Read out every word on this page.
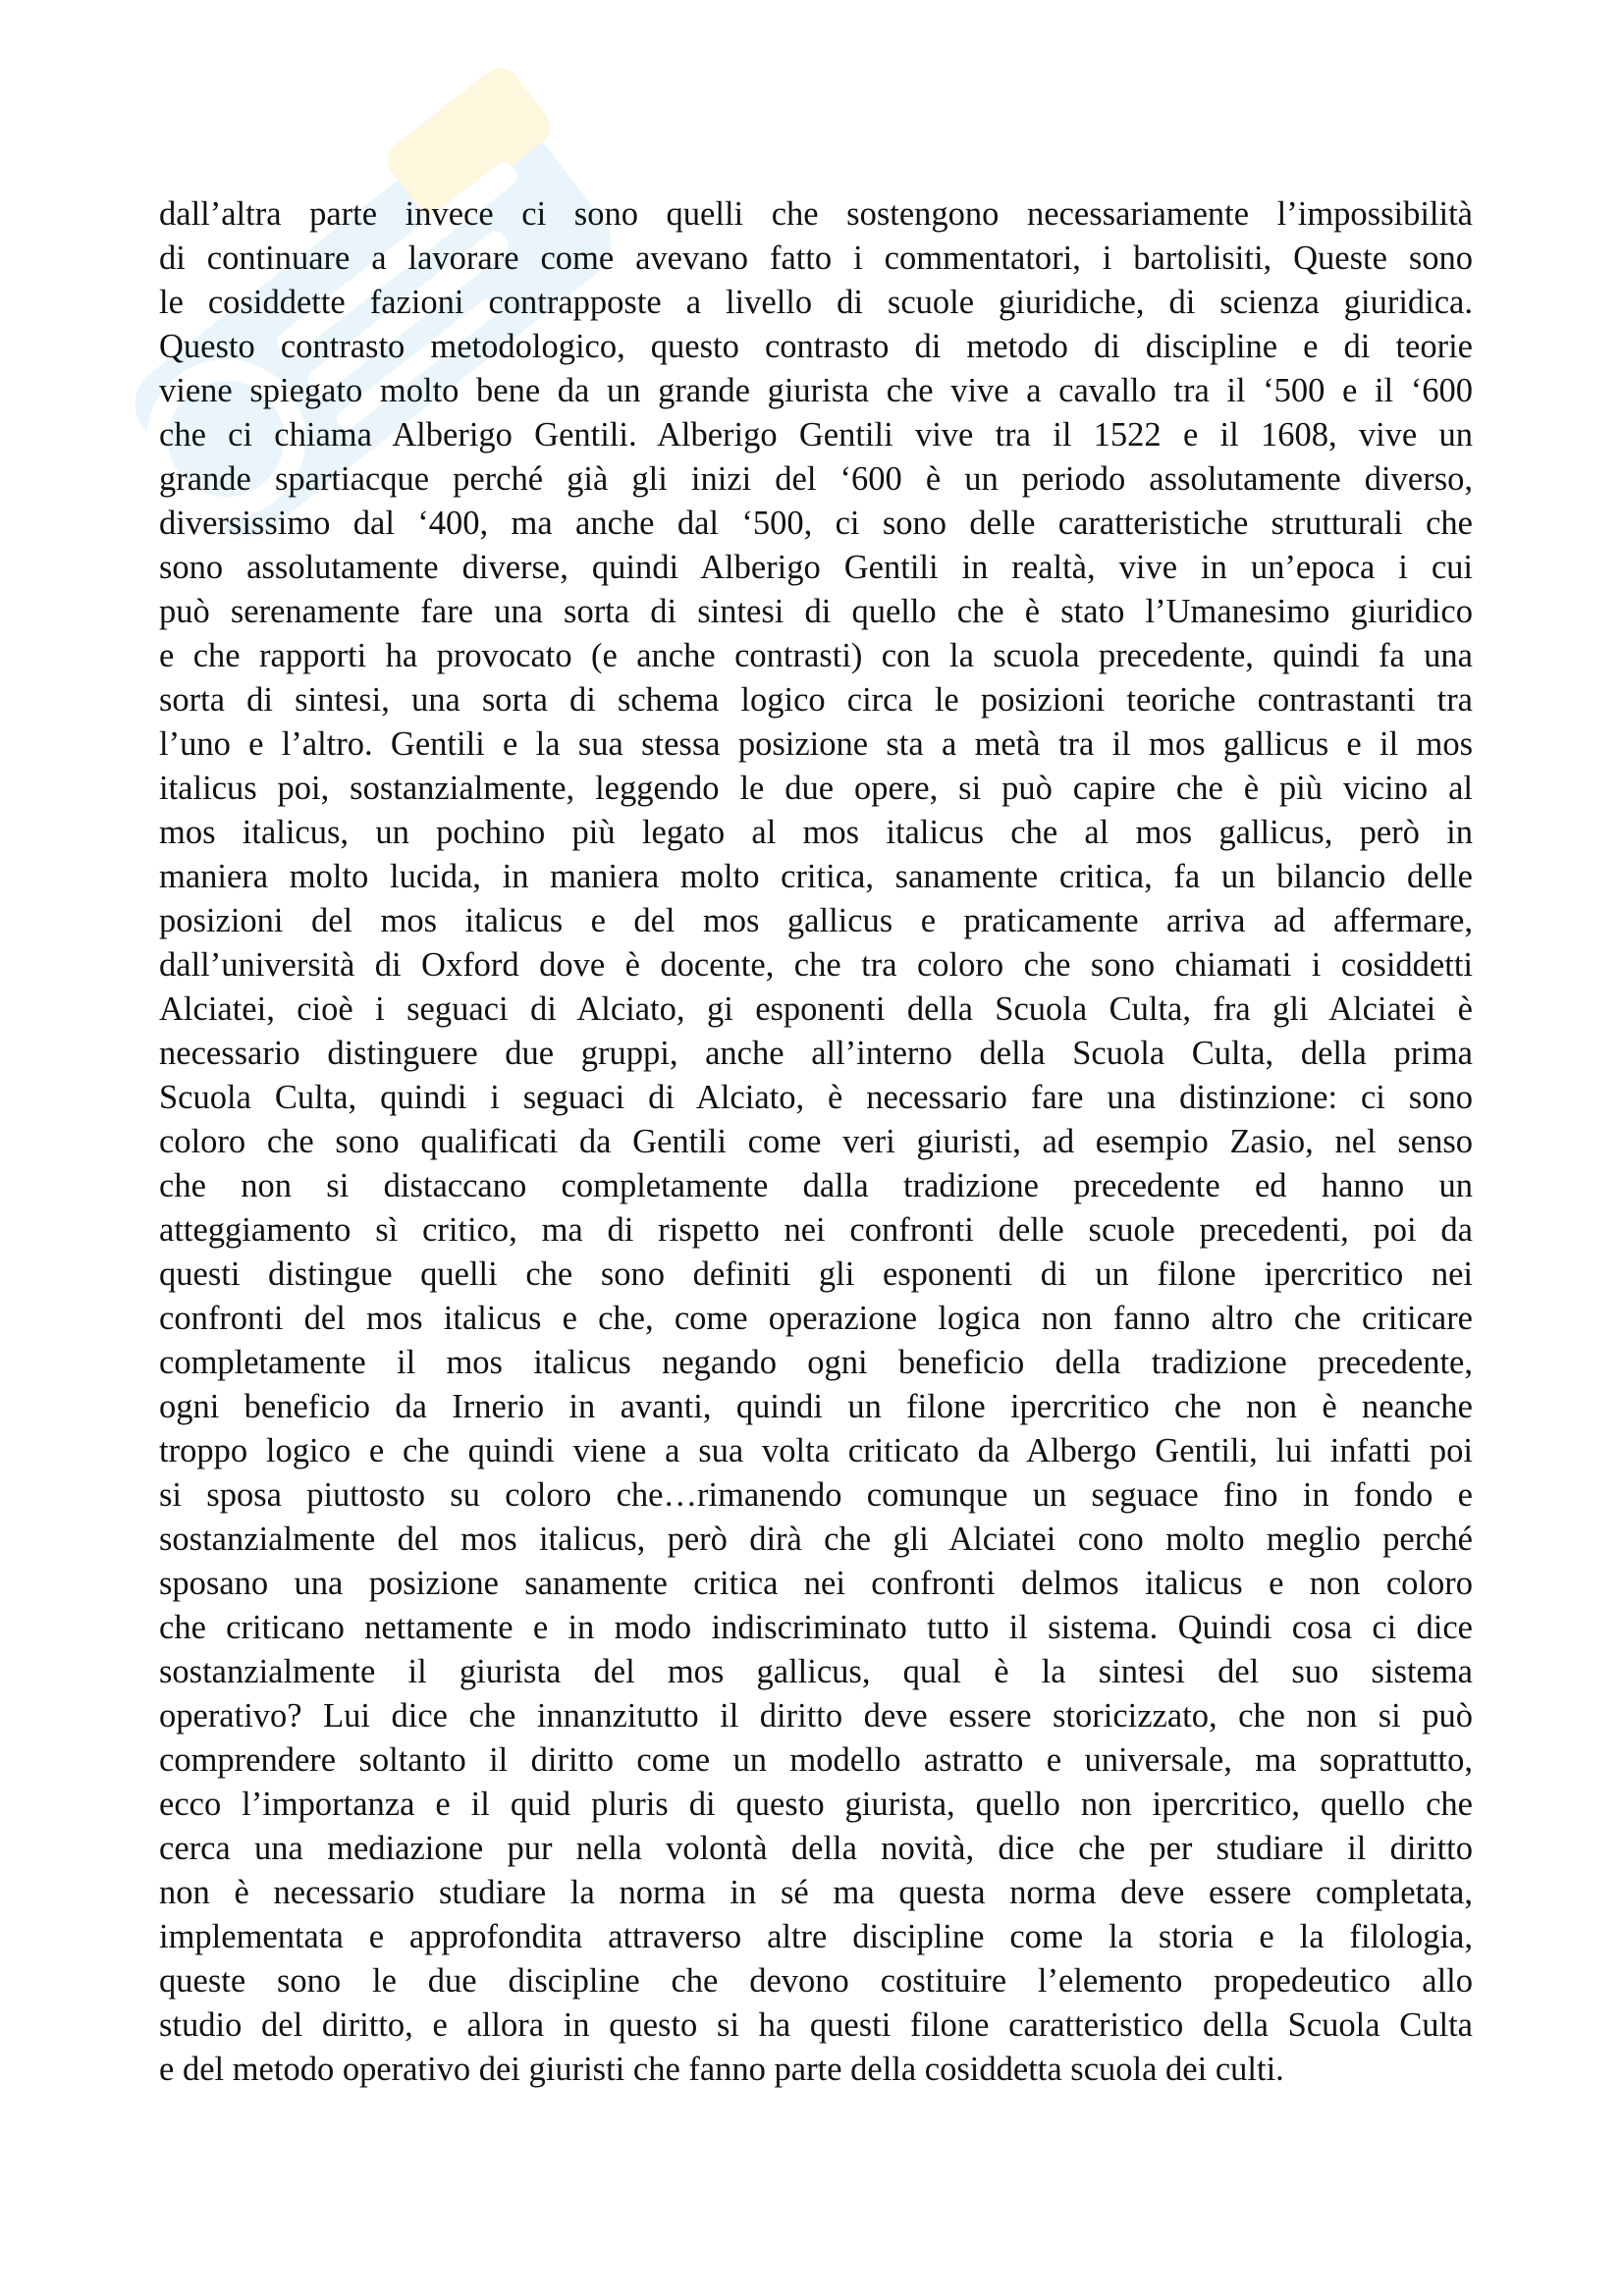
dall’altra parte invece ci sono quelli che sostengono necessariamente l’impossibilità
di continuare a lavorare come avevano fatto i commentatori, i bartolisiti, Queste sono
le cosiddette fazioni contrapposte a livello di scuole giuridiche, di scienza giuridica.
Questo contrasto metodologico, questo contrasto di metodo di discipline e di teorie
viene spiegato molto bene da un grande giurista che vive a cavallo tra il ‘500 e il ‘600
che ci chiama Alberigo Gentili. Alberigo Gentili vive tra il 1522 e il 1608, vive un
grande spartiacque perché già gli inizi del ‘600 è un periodo assolutamente diverso,
diversissimo dal ‘400, ma anche dal ‘500, ci sono delle caratteristiche strutturali che
sono assolutamente diverse, quindi Alberigo Gentili in realtà, vive in un’epoca i cui
può serenamente fare una sorta di sintesi di quello che è stato l’Umanesimo giuridico
e che rapporti ha provocato (e anche contrasti) con la scuola precedente, quindi fa una
sorta di sintesi, una sorta di schema logico circa le posizioni teoriche contrastanti tra
l’uno e l’altro. Gentili e la sua stessa posizione sta a metà tra il mos gallicus e il mos
italicus poi, sostanzialmente, leggendo le due opere, si può capire che è più vicino al
mos italicus, un pochino più legato al mos italicus che al mos gallicus, però in
maniera molto lucida, in maniera molto critica, sanamente critica, fa un bilancio delle
posizioni del mos italicus e del mos gallicus e praticamente arriva ad affermare,
dall’università di Oxford dove è docente, che tra coloro che sono chiamati i cosiddetti
Alciatei, cioè i seguaci di Alciato, gi esponenti della Scuola Culta, fra gli Alciatei è
necessario distinguere due gruppi, anche all’interno della Scuola Culta, della prima
Scuola Culta, quindi i seguaci di Alciato, è necessario fare una distinzione: ci sono
coloro che sono qualificati da Gentili come veri giuristi, ad esempio Zasio, nel senso
che non si distaccano completamente dalla tradizione precedente ed hanno un
atteggiamento sì critico, ma di rispetto nei confronti delle scuole precedenti, poi da
questi distingue quelli che sono definiti gli esponenti di un filone ipercritico nei
confronti del mos italicus e che, come operazione logica non fanno altro che criticare
completamente il mos italicus negando ogni beneficio della tradizione precedente,
ogni beneficio da Irnerio in avanti, quindi un filone ipercritico che non è neanche
troppo logico e che quindi viene a sua volta criticato da Albergo Gentili, lui infatti poi
si sposa piuttosto su coloro che…rimanendo comunque un seguace fino in fondo e
sostanzialmente del mos italicus, però dirà che gli Alciatei cono molto meglio perché
sposano una posizione sanamente critica nei confronti delmos italicus e non coloro
che criticano nettamente e in modo indiscriminato tutto il sistema. Quindi cosa ci dice
sostanzialmente il giurista del mos gallicus, qual è la sintesi del suo sistema
operativo? Lui dice che innanzitutto il diritto deve essere storicizzato, che non si può
comprendere soltanto il diritto come un modello astratto e universale, ma soprattutto,
ecco l’importanza e il quid pluris di questo giurista, quello non ipercritico, quello che
cerca una mediazione pur nella volontà della novità, dice che per studiare il diritto
non è necessario studiare la norma in sé ma questa norma deve essere completata,
implementata e approfondita attraverso altre discipline come la storia e la filologia,
queste sono le due discipline che devono costituire l’elemento propedeutico allo
studio del diritto, e allora in questo si ha questi filone caratteristico della Scuola Culta
e del metodo operativo dei giuristi che fanno parte della cosiddetta scuola dei culti.
